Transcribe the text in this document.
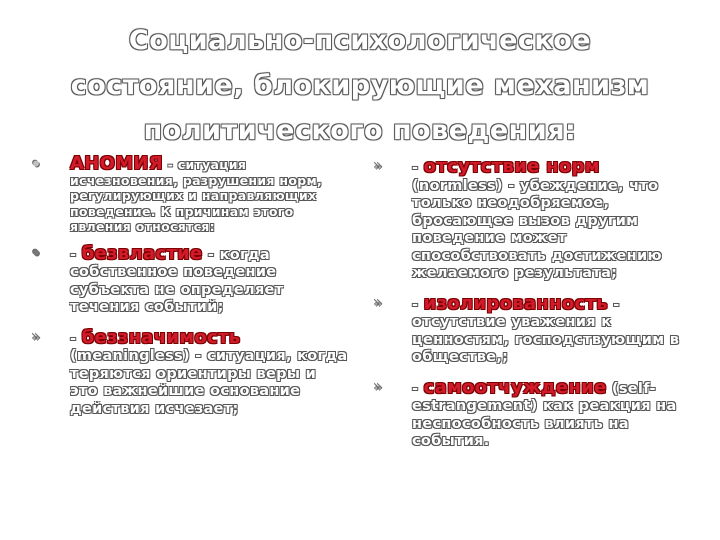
Социально-психологическое
состояние, блокирующие механизм
политического поведения:
• АНОМИЯ - ситуация исчезновения, разрушения норм, регулирующих и направляющих поведение. К причинам этого явления относятся:
• - безвластие - когда собственное поведение субъекта не определяет течения событий;
» - беззначимость (meaningless) - ситуация, когда теряются ориентиры веры и это важнейшие основание действия исчезает;
» - отсутствие норм (normless) - убеждение, что только неодобряемое, бросающее вызов другим поведение может способствовать достижению желаемого результата;
» - изолированность - отсутствие уважения к ценностям, господствующим в обществе,;
» - самоотчуждение (self-estrangement) как реакция на неспособность влиять на события.
